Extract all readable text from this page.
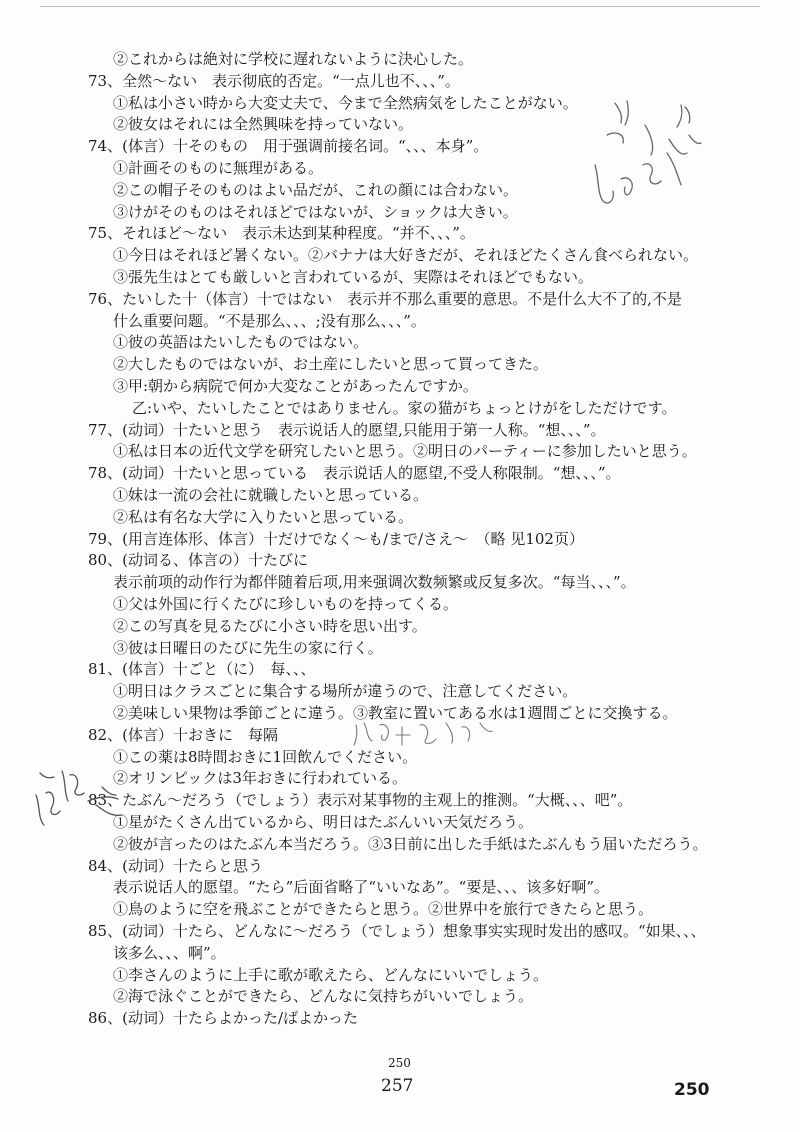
②これからは絶対に学校に遅れないように決心した。
73、全然～ない　表示彻底的否定。“一点儿也不、、、”。
①私は小さい時から大変丈夫で、今まで全然病気をしたことがない。
②彼女はそれには全然興味を持っていない。
74、(体言）十そのもの　用于强调前接名词。“、、、本身”。
①計画そのものに無理がある。
②この帽子そのものはよい品だが、これの顔には合わない。
③けがそのものはそれほどではないが、ショックは大きい。
75、それほど～ない　表示未达到某种程度。“并不、、、”。
①今日はそれほど暑くない。②バナナは大好きだが、それほどたくさん食べられない。
③張先生はとても厳しいと言われているが、実際はそれほどでもない。
76、たいした十（体言）十ではない　表示并不那么重要的意思。不是什么大不了的,不是
什么重要问题。“不是那么、、、;没有那么、、、”。
①彼の英語はたいしたものではない。
②大したものではないが、お土産にしたいと思って買ってきた。
③甲:朝から病院で何か大変なことがあったんですか。
乙:いや、たいしたことではありません。家の猫がちょっとけがをしただけです。
77、(动词）十たいと思う　表示说话人的愿望,只能用于第一人称。“想、、、”。
①私は日本の近代文学を研究したいと思う。②明日のパーティーに参加したいと思う。
78、(动词）十たいと思っている　表示说话人的愿望,不受人称限制。“想、、、”。
①妹は一流の会社に就職したいと思っている。
②私は有名な大学に入りたいと思っている。
79、(用言连体形、体言）十だけでなく～も/まで/さえ～　（略 见102页）
80、(动词る、体言の）十たびに
表示前项的动作行为都伴随着后项,用来强调次数频繁或反复多次。“每当、、、”。
①父は外国に行くたびに珍しいものを持ってくる。
②この写真を見るたびに小さい時を思い出す。
③彼は日曜日のたびに先生の家に行く。
81、(体言）十ごと（に）　每、、、
①明日はクラスごとに集合する場所が違うので、注意してください。
②美味しい果物は季節ごとに違う。③教室に置いてある水は1週間ごとに交換する。
82、(体言）十おきに　每隔
①この薬は8時間おきに1回飲んでください。
②オリンピックは3年おきに行われている。
83、たぶん～だろう（でしょう）表示对某事物的主观上的推测。“大概、、、吧”。
①星がたくさん出ているから、明日はたぶんいい天気だろう。
②彼が言ったのはたぶん本当だろう。③3日前に出した手紙はたぶんもう届いただろう。
84、(动词）十たらと思う
表示说话人的愿望。“たら”后面省略了“いいなあ”。“要是、、、该多好啊”。
①鳥のように空を飛ぶことができたらと思う。②世界中を旅行できたらと思う。
85、(动词）十たら、どんなに～だろう（でしょう）想象事实实现时发出的感叹。“如果、、、
该多么、、、啊”。
①李さんのように上手に歌が歌えたら、どんなにいいでしょう。
②海で泳ぐことができたら、どんなに気持ちがいいでしょう。
86、(动词）十たらよかった/ばよかった
250
257	250
